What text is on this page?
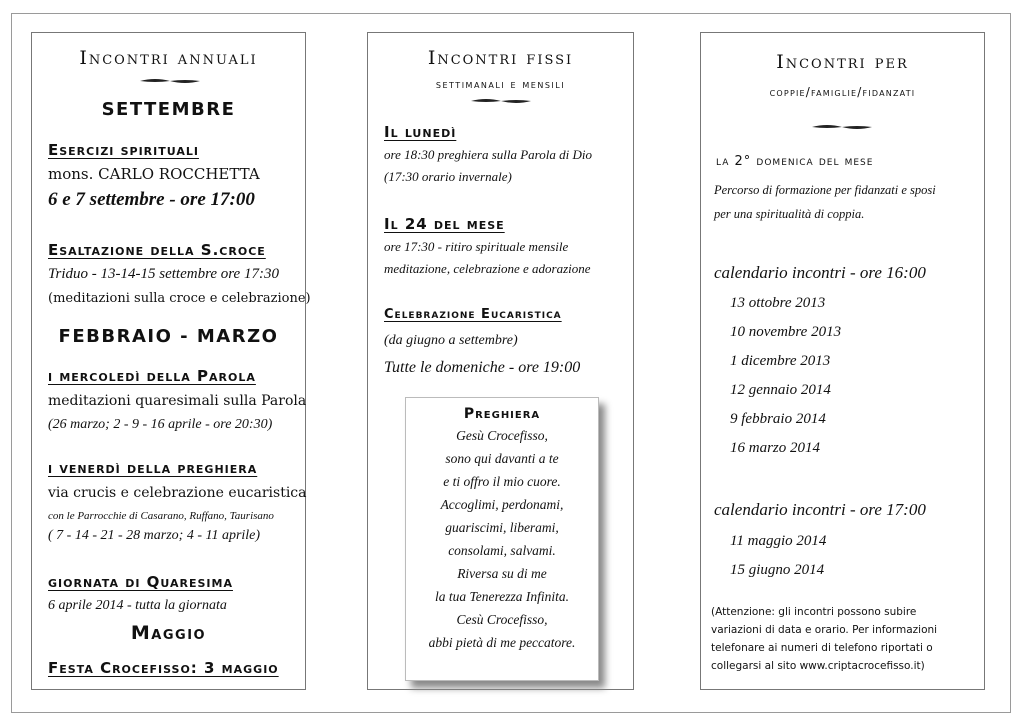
Incontri annuali
SETTEMBRE
Esercizi spirituali
mons. CARLO ROCCHETTA
6 e 7 settembre - ore 17:00
Esaltazione della S.croce
Triduo - 13-14-15 settembre ore 17:30
(meditazioni sulla croce e celebrazione)
FEBBRAIO - MARZO
i mercoledì della Parola
meditazioni quaresimali sulla Parola
(26 marzo; 2 - 9 - 16 aprile - ore 20:30)
i venerdì della preghiera
via crucis e celebrazione eucaristica
con le Parrocchie di Casarano, Ruffano, Taurisano
( 7 - 14 - 21 - 28 marzo; 4 - 11 aprile)
giornata di Quaresima
6 aprile 2014 - tutta la giornata
Maggio
Festa Crocefisso: 3 maggio
Incontri fissi
settimanali e mensili
Il lunedì
ore 18:30 preghiera sulla Parola di Dio
(17:30 orario invernale)
Il 24 del mese
ore 17:30 - ritiro spirituale mensile
meditazione, celebrazione e adorazione
Celebrazione Eucaristica
(da giugno a settembre)
Tutte le domeniche - ore 19:00
Preghiera
Gesù Crocefisso,
sono qui davanti a te
e ti offro il mio cuore.
Accoglimi, perdonami,
guariscimi, liberami,
consolami, salvami.
Riversa su di me
la tua Tenerezza Infinita.
Cesù Crocefisso,
abbi pietà di me peccatore.
Incontri per
coppie/famiglie/fidanzati
la 2° domenica del mese
Percorso di formazione per fidanzati e sposi
per una spiritualità di coppia.
calendario incontri - ore 16:00
13 ottobre 2013
10 novembre 2013
1 dicembre 2013
12 gennaio 2014
9 febbraio 2014
16 marzo 2014
calendario incontri - ore 17:00
11 maggio 2014
15 giugno 2014
(Attenzione: gli incontri possono subire
variazioni di data e orario. Per informazioni
telefonare ai numeri di telefono riportati o
collegarsi al sito www.criptacrocefisso.it)
